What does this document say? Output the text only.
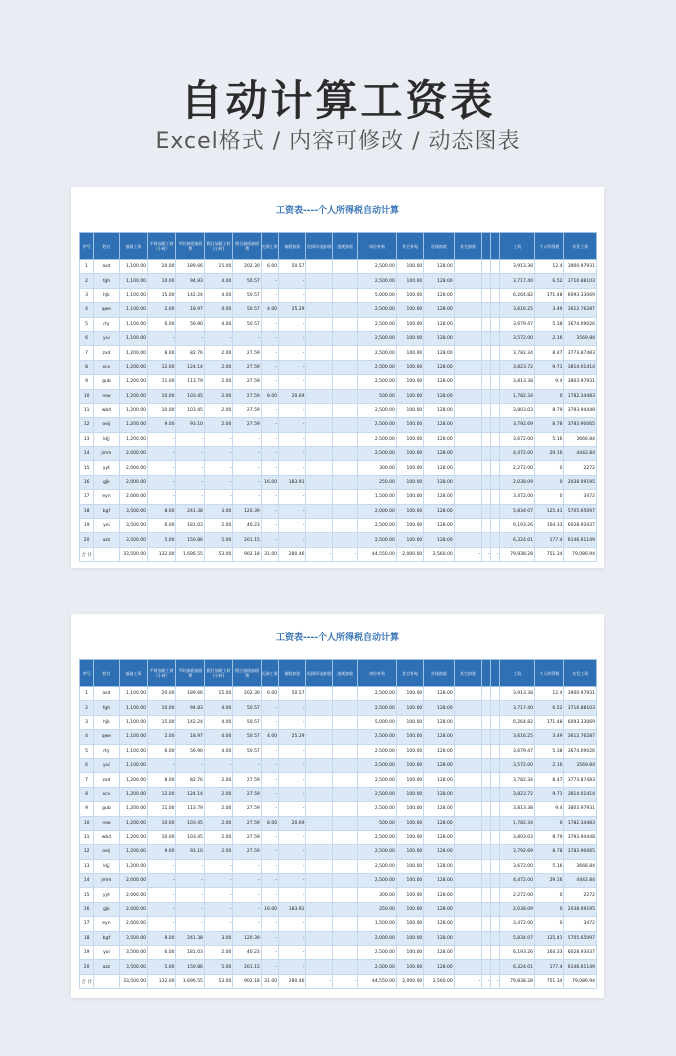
自动计算工资表
Excel格式 / 内容可修改 / 动态图表
工资表----个人所得税自动计算
序号	姓名	基础工资	平时加班工时（小时）	平时加班加班费	假日加班工时(小时)	假日加班加班费	迟到工时	请假扣款	迟到/早退扣款	违规扣款	岗位补贴	其它补贴	社保扣款	其它扣款			工资	个人所得税	实发工资
1	asd	1,100.00	20.00	189.66	15.00	202.30	6.00	50.57			2,500.00	100.00	128.00				3,913.38	12.4	3900.97931
2	fgh	1,100.00	10.00	94.83	4.00	50.57	-	-			2,500.00	100.00	128.00				3,717.40	6.52	3710.88103
3	hjk	1,100.00	15.00	142.24	4.00	50.57	-	-			5,000.00	100.00	128.00				6,264.82	171.48	6093.33069
4	qwe	1,100.00	2.00	18.97	4.00	50.57	4.00	25.29			2,500.00	100.00	128.00				3,616.25	3.49	3612.76287
5	rty	1,100.00	6.00	56.90	4.00	50.57	-	-			2,500.00	100.00	128.00				3,679.47	5.38	3674.09026
6	yui	1,100.00	-	-	-	-	-	-			2,500.00	100.00	128.00				3,572.00	2.16	3569.84
7	zxd	1,200.00	8.00	82.76	2.00	27.59	-	-			2,500.00	100.00	128.00				3,782.34	8.47	3773.87483
8	xcv	1,200.00	12.00	124.14	2.00	27.59	-	-			2,500.00	100.00	128.00				3,823.72	9.71	3814.01414
9	gub	1,200.00	11.00	113.79	2.00	27.59	-	-			2,500.00	100.00	128.00				3,813.38	9.4	3803.97931
10	rew	1,200.00	10.00	103.45	2.00	27.59	8.00	20.69			500.00	100.00	128.00				1,782.34	0	1782.34483
11	wbd	1,200.00	10.00	103.45	2.00	27.59	-	-			2,500.00	100.00	128.00				3,803.03	8.79	3793.94448
12	oeij	1,200.00	9.00	93.10	2.00	27.59	-	-			2,500.00	100.00	128.00				3,792.69	8.78	3783.90065
13	kljj	1,200.00	-	-	-	-	-	-			2,500.00	100.00	128.00				3,672.00	5.16	3666.84
14	jmm	2,000.00	-	-	-	-	-	-			2,500.00	100.00	128.00				4,472.00	29.16	4442.84
15	yyt	2,000.00	-	-	-	-	-	-			300.00	100.00	128.00				2,272.00	0	2272
16	gjk	2,000.00	-	-	-	-	16.00	183.91			250.00	100.00	128.00				2,038.09	0	2038.09195
17	eyn	2,000.00	-	-	-	-	-	-			1,500.00	100.00	128.00				3,472.00	0	3472
18	bgf	3,500.00	8.00	241.38	3.00	120.39	-	-			2,000.00	100.00	128.00				5,834.07	125.41	5705.65097
19	yoi	3,500.00	6.00	181.03	2.00	40.23	-	-			2,500.00	100.00	128.00				6,193.26	164.33	6028.93437
20	azz	3,500.00	5.00	150.86	5.00	201.15	-	-			2,500.00	100.00	128.00				6,324.01	177.4	6146.61149
合 计		33,500.00	132.00	1,696.55	53.00	902.18	31.00	280.46	-	-	44,550.00	2,000.00	2,560.00	-	-	-	79,838.28	751.34	79,086.94
工资表----个人所得税自动计算
序号	姓名	基础工资	平时加班工时（小时）	平时加班加班费	假日加班工时(小时)	假日加班加班费	迟到工时	请假扣款	迟到/早退扣款	违规扣款	岗位补贴	其它补贴	社保扣款	其它扣款			工资	个人所得税	实发工资
1	asd	1,100.00	20.00	189.66	15.00	202.30	6.00	50.57			2,500.00	100.00	128.00				3,913.38	12.4	3900.97931
2	fgh	1,100.00	10.00	94.83	4.00	50.57	-	-			2,500.00	100.00	128.00				3,717.40	6.52	3710.88103
3	hjk	1,100.00	15.00	142.24	4.00	50.57	-	-			5,000.00	100.00	128.00				6,264.82	171.48	6093.33069
4	qwe	1,100.00	2.00	18.97	4.00	50.57	4.00	25.29			2,500.00	100.00	128.00				3,616.25	3.49	3612.76287
5	rty	1,100.00	6.00	56.90	4.00	50.57	-	-			2,500.00	100.00	128.00				3,679.47	5.38	3674.09026
6	yui	1,100.00	-	-	-	-	-	-			2,500.00	100.00	128.00				3,572.00	2.16	3569.84
7	zxd	1,200.00	8.00	82.76	2.00	27.59	-	-			2,500.00	100.00	128.00				3,782.34	8.47	3773.87483
8	xcv	1,200.00	12.00	124.14	2.00	27.59	-	-			2,500.00	100.00	128.00				3,823.72	9.71	3814.01414
9	gub	1,200.00	11.00	113.79	2.00	27.59	-	-			2,500.00	100.00	128.00				3,813.38	9.4	3803.97931
10	rew	1,200.00	10.00	103.45	2.00	27.59	8.00	20.69			500.00	100.00	128.00				1,782.34	0	1782.34483
11	wbd	1,200.00	10.00	103.45	2.00	27.59	-	-			2,500.00	100.00	128.00				3,803.03	8.79	3793.94448
12	oeij	1,200.00	9.00	93.10	2.00	27.59	-	-			2,500.00	100.00	128.00				3,792.69	8.78	3783.90065
13	kljj	1,200.00	-	-	-	-	-	-			2,500.00	100.00	128.00				3,672.00	5.16	3666.84
14	jmm	2,000.00	-	-	-	-	-	-			2,500.00	100.00	128.00				4,472.00	29.16	4442.84
15	yyt	2,000.00	-	-	-	-	-	-			300.00	100.00	128.00				2,272.00	0	2272
16	gjk	2,000.00	-	-	-	-	16.00	183.91			250.00	100.00	128.00				2,038.09	0	2038.09195
17	eyn	2,000.00	-	-	-	-	-	-			1,500.00	100.00	128.00				3,472.00	0	3472
18	bgf	3,500.00	8.00	241.38	3.00	120.39	-	-			2,000.00	100.00	128.00				5,834.07	125.41	5705.65097
19	yoi	3,500.00	6.00	181.03	2.00	40.23	-	-			2,500.00	100.00	128.00				6,193.26	164.33	6028.93437
20	azz	3,500.00	5.00	150.86	5.00	201.15	-	-			2,500.00	100.00	128.00				6,324.01	177.4	6146.61149
合 计		33,500.00	132.00	1,696.55	53.00	902.18	31.00	280.46	-	-	44,550.00	2,000.00	2,560.00	-	-	-	79,838.28	751.34	79,086.94
